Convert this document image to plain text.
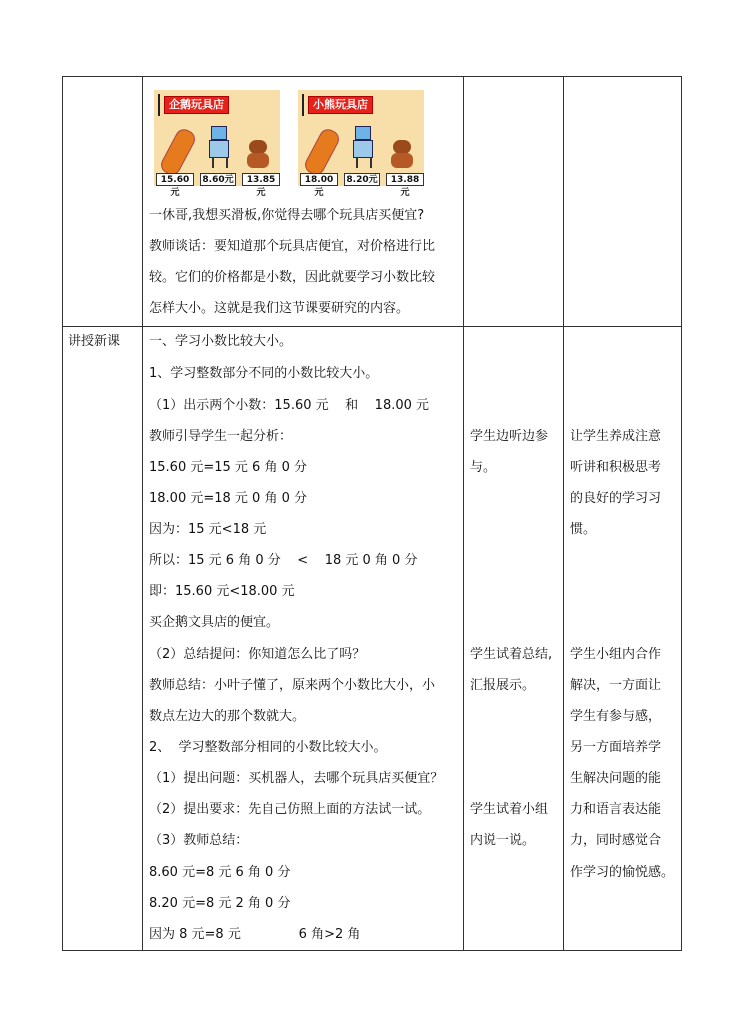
企鹅玩具店
15.60元
8.60元	13.85元
小熊玩具店
18.00元
8.20元	13.88元
一休哥,我想买滑板,你觉得去哪个玩具店买便宜?
教师谈话：要知道那个玩具店便宜，对价格进行比
较。它们的价格都是小数，因此就要学习小数比较
怎样大小。这就是我们这节课要研究的内容。
讲授新课 一、学习小数比较大小。
1、学习整数部分不同的小数比较大小。
（1）出示两个小数：15.60 元    和    18.00 元
教师引导学生一起分析：
15.60 元=15 元 6 角 0 分
18.00 元=18 元 0 角 0 分
因为：15 元<18 元
所以：15 元 6 角 0 分    <    18 元 0 角 0 分
即：15.60 元<18.00 元
买企鹅文具店的便宜。
（2）总结提问：你知道怎么比了吗？
教师总结：小叶子懂了，原来两个小数比大小，小
数点左边大的那个数就大。
2、  学习整数部分相同的小数比较大小。
（1）提出问题：买机器人，去哪个玩具店买便宜？
（2）提出要求：先自己仿照上面的方法试一试。
（3）教师总结：
8.60 元=8 元 6 角 0 分
8.20 元=8 元 2 角 0 分
因为 8 元=8 元              6 角>2 角
学生边听边参
与。
学生试着总结,
汇报展示。
学生试着小组
内说一说。
让学生养成注意
听讲和积极思考
的良好的学习习
惯。
学生小组内合作
解决，一方面让
学生有参与感，
另一方面培养学
生解决问题的能
力和语言表达能
力，同时感觉合
作学习的愉悦感。
